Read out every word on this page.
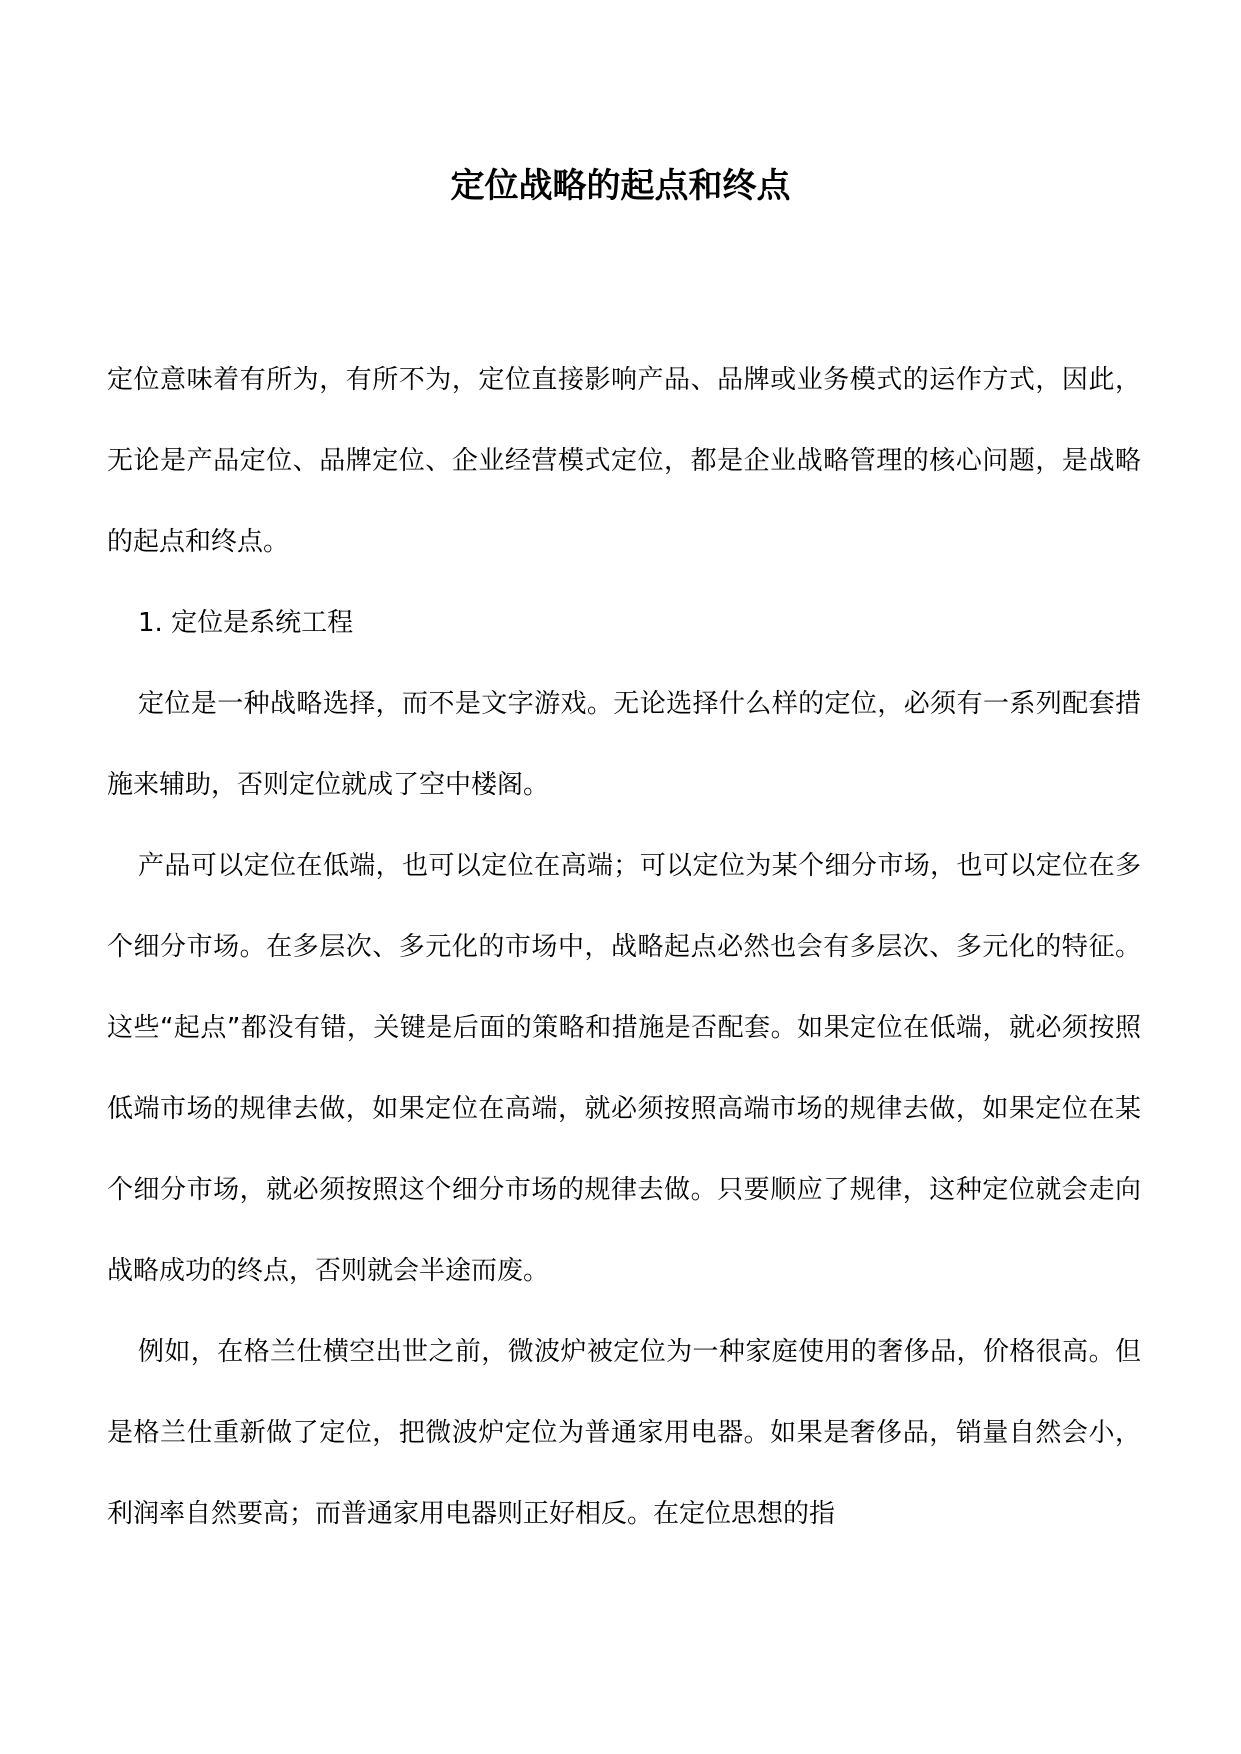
定位战略的起点和终点

定位意味着有所为，有所不为，定位直接影响产品、品牌或业务模式的运作方式，因此，无论是产品定位、品牌定位、企业经营模式定位，都是企业战略管理的核心问题，是战略的起点和终点。

1. 定位是系统工程

定位是一种战略选择，而不是文字游戏。无论选择什么样的定位，必须有一系列配套措施来辅助，否则定位就成了空中楼阁。

产品可以定位在低端，也可以定位在高端；可以定位为某个细分市场，也可以定位在多个细分市场。在多层次、多元化的市场中，战略起点必然也会有多层次、多元化的特征。这些“起点”都没有错，关键是后面的策略和措施是否配套。如果定位在低端，就必须按照低端市场的规律去做，如果定位在高端，就必须按照高端市场的规律去做，如果定位在某个细分市场，就必须按照这个细分市场的规律去做。只要顺应了规律，这种定位就会走向战略成功的终点，否则就会半途而废。

例如，在格兰仕横空出世之前，微波炉被定位为一种家庭使用的奢侈品，价格很高。但是格兰仕重新做了定位，把微波炉定位为普通家用电器。如果是奢侈品，销量自然会小，利润率自然要高；而普通家用电器则正好相反。在定位思想的指
